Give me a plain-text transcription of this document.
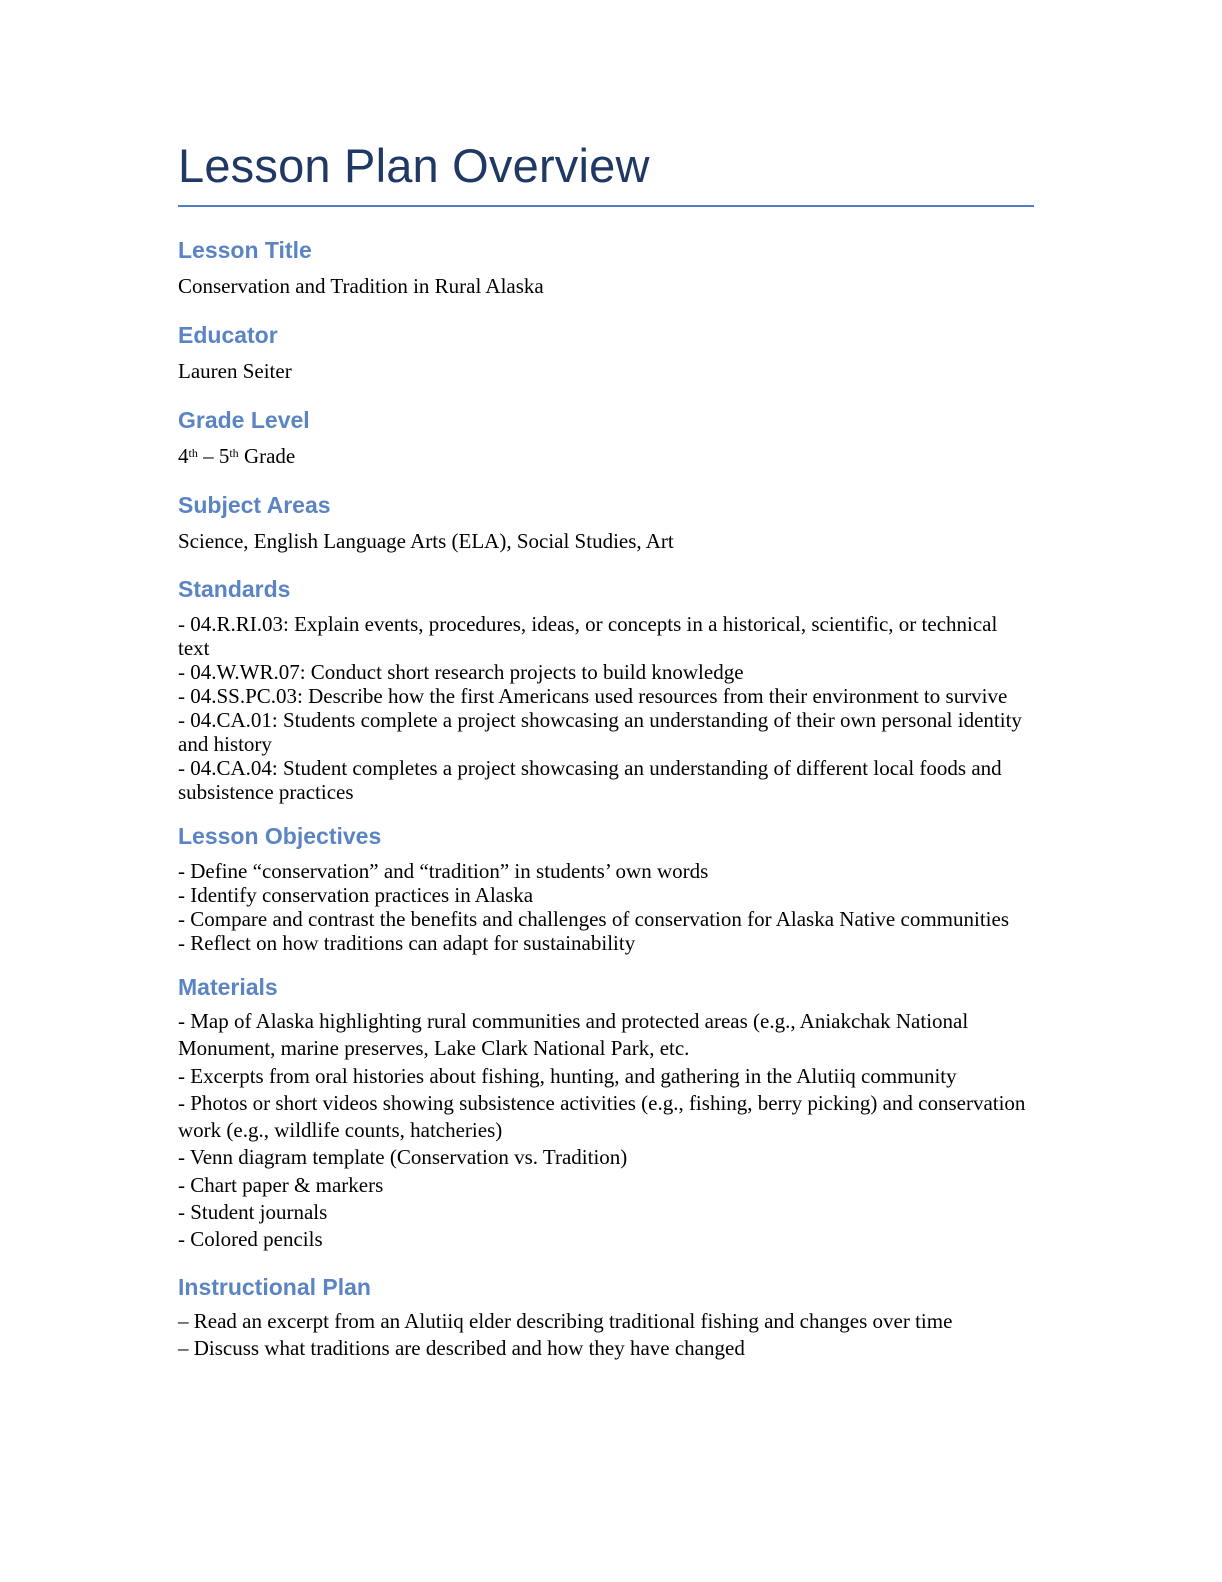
Lesson Plan Overview
Lesson Title

Conservation and Tradition in Rural Alaska

Educator

Lauren Seiter

Grade Level

4th – 5th Grade

Subject Areas

Science, English Language Arts (ELA), Social Studies, Art

Standards
- 04.R.RI.03: Explain events, procedures, ideas, or concepts in a historical, scientific, or technical text
- 04.W.WR.07: Conduct short research projects to build knowledge
- 04.SS.PC.03: Describe how the first Americans used resources from their environment to survive
- 04.CA.01: Students complete a project showcasing an understanding of their own personal identity and history
- 04.CA.04: Student completes a project showcasing an understanding of different local foods and subsistence practices
Lesson Objectives
- Define “conservation” and “tradition” in students’ own words
- Identify conservation practices in Alaska
- Compare and contrast the benefits and challenges of conservation for Alaska Native communities
- Reflect on how traditions can adapt for sustainability
Materials
- Map of Alaska highlighting rural communities and protected areas (e.g., Aniakchak National Monument, marine preserves, Lake Clark National Park, etc.
- Excerpts from oral histories about fishing, hunting, and gathering in the Alutiiq community
- Photos or short videos showing subsistence activities (e.g., fishing, berry picking) and conservation work (e.g., wildlife counts, hatcheries)
- Venn diagram template (Conservation vs. Tradition)
- Chart paper & markers
- Student journals
- Colored pencils
Instructional Plan
– Read an excerpt from an Alutiiq elder describing traditional fishing and changes over time
– Discuss what traditions are described and how they have changed
